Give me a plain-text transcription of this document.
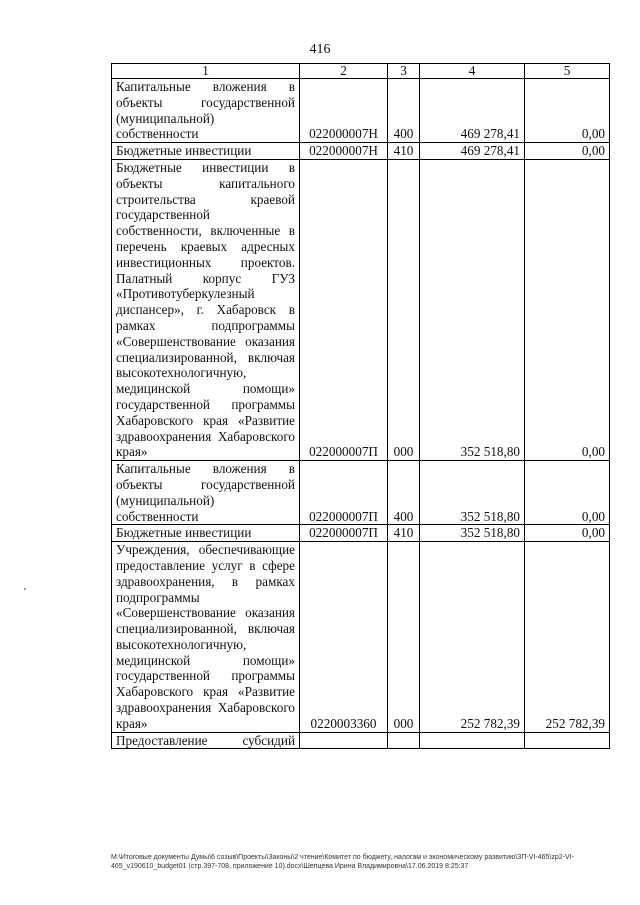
416
1	2	3	4	5
Капитальные вложения в объекты государственной (муниципальной) собственности	022000007Н	400	469 278,41	0,00
Бюджетные инвестиции	022000007Н	410	469 278,41	0,00
Бюджетные инвестиции в объекты капитального строительства краевой государственной собственности, включенные в перечень краевых адресных инвестиционных проектов. Палатный корпус ГУЗ «Противотуберкулезный диспансер», г. Хабаровск в рамках подпрограммы «Совершенствование оказания специализированной, включая высокотехнологичную, медицинской помощи» государственной программы Хабаровского края «Развитие здравоохранения Хабаровского края»	022000007П	000	352 518,80	0,00
Капитальные вложения в объекты государственной (муниципальной) собственности	022000007П	400	352 518,80	0,00
Бюджетные инвестиции	022000007П	410	352 518,80	0,00
Учреждения, обеспечивающие предоставление услуг в сфере здравоохранения, в рамках подпрограммы «Совершенствование оказания специализированной, включая высокотехнологичную, медицинской помощи» государственной программы Хабаровского края «Развитие здравоохранения Хабаровского края»	0220003360	000	252 782,39	252 782,39
Предоставление субсидий				
M:\Итоговые документы Думы\6 созыв\Проекты\Законы\2 чтение\Комитет по бюджету, налогам и экономическому развитию\ЗП-VI-465\zp2-VI-465_v190610_budget01 (стр.397-708, приложение 10).docx\Шепцева Ирина Владимировна\17.06.2019 8:25:37
